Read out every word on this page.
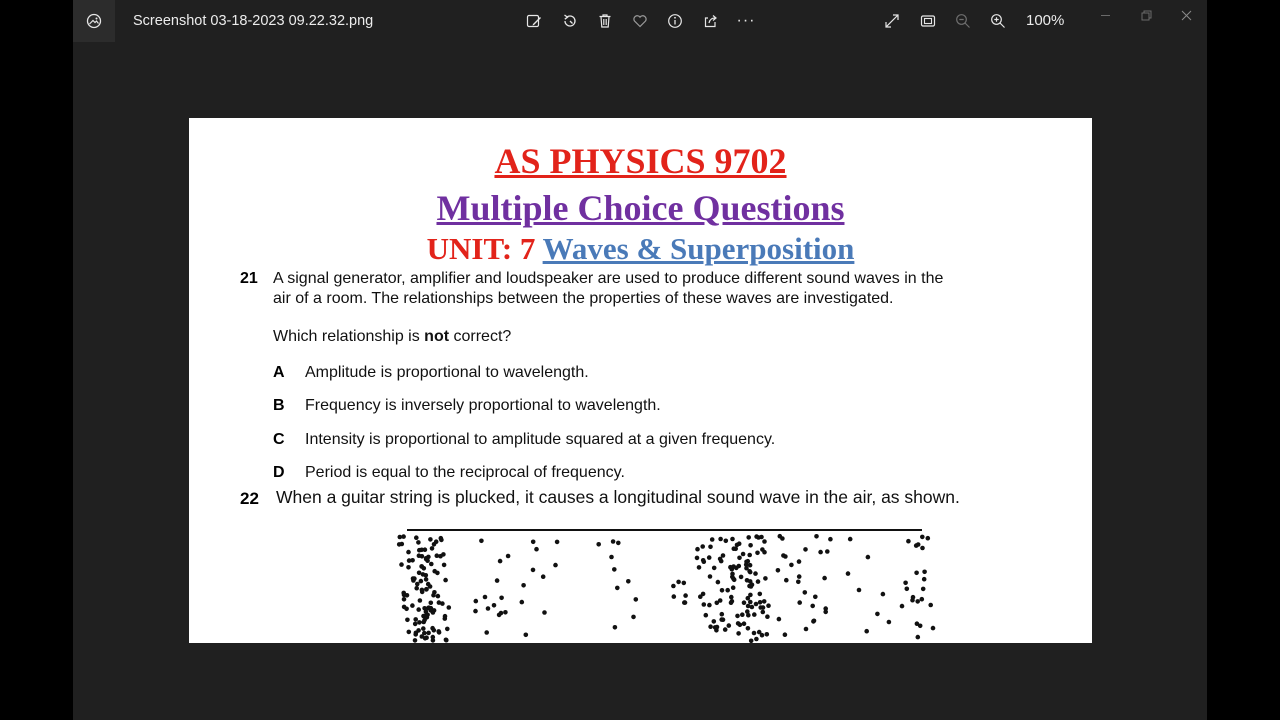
Screenshot 03-18-2023 09.22.32.png	···	100%
AS PHYSICS 9702
Multiple Choice Questions
UNIT: 7 Waves & Superposition
21 A signal generator, amplifier and loudspeaker are used to produce different sound waves in the
air of a room. The relationships between the properties of these waves are investigated.
Which relationship is not correct?
A Amplitude is proportional to wavelength.
B Frequency is inversely proportional to wavelength.
C Intensity is proportional to amplitude squared at a given frequency.
D Period is equal to the reciprocal of frequency.
22 When a guitar string is plucked, it causes a longitudinal sound wave in the air, as shown.
